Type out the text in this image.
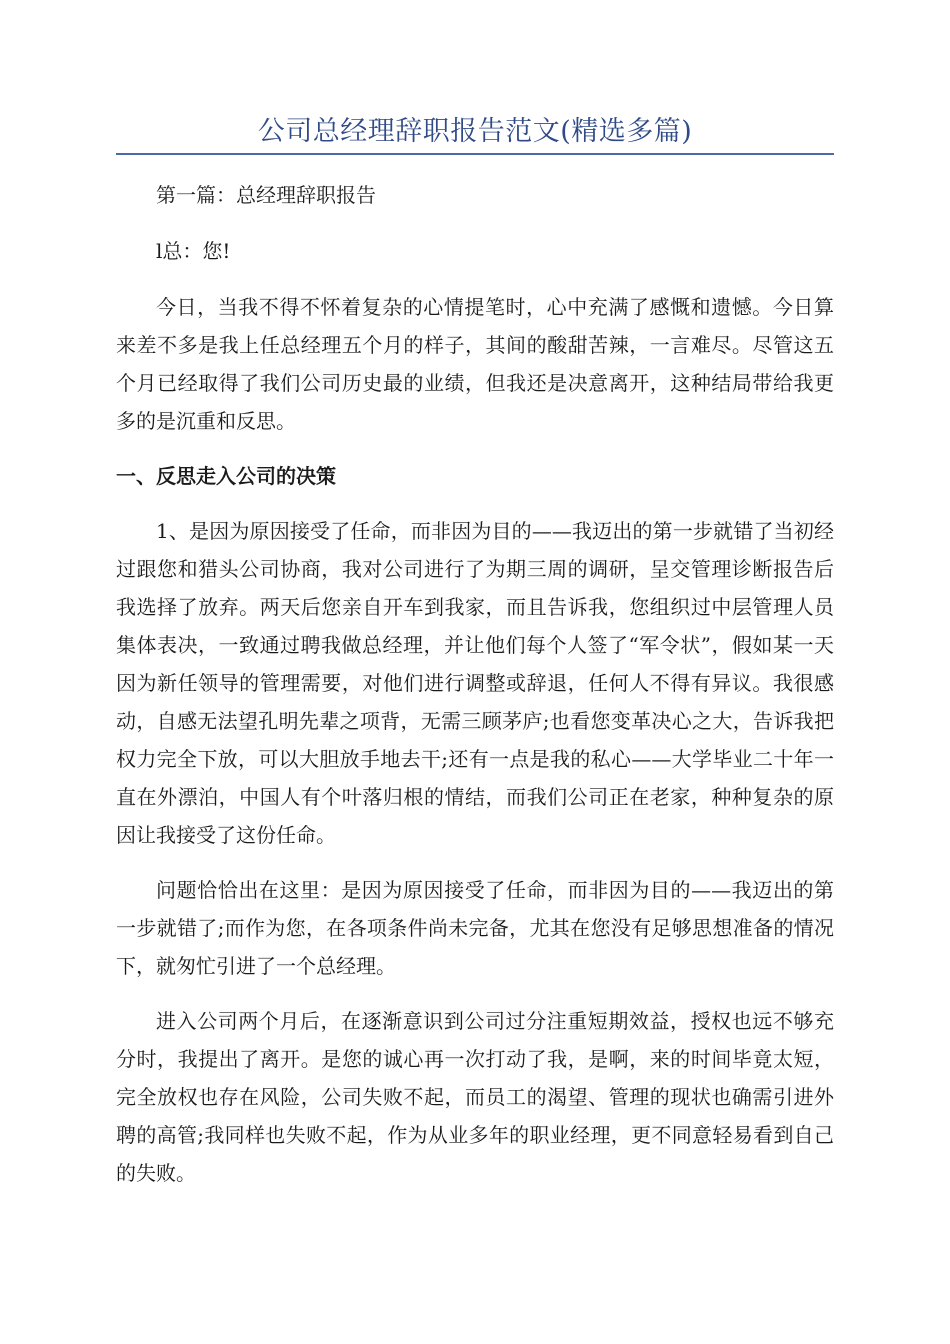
公司总经理辞职报告范文(精选多篇)

第一篇：总经理辞职报告

l总：您!

今日，当我不得不怀着复杂的心情提笔时，心中充满了感慨和遗憾。今日算来差不多是我上任总经理五个月的样子，其间的酸甜苦辣，一言难尽。尽管这五个月已经取得了我们公司历史最的业绩，但我还是决意离开，这种结局带给我更多的是沉重和反思。

一、反思走入公司的决策

1、是因为原因接受了任命，而非因为目的——我迈出的第一步就错了当初经过跟您和猎头公司协商，我对公司进行了为期三周的调研，呈交管理诊断报告后我选择了放弃。两天后您亲自开车到我家，而且告诉我，您组织过中层管理人员集体表决，一致通过聘我做总经理，并让他们每个人签了“军令状”，假如某一天因为新任领导的管理需要，对他们进行调整或辞退，任何人不得有异议。我很感动，自感无法望孔明先辈之项背，无需三顾茅庐;也看您变革决心之大，告诉我把权力完全下放，可以大胆放手地去干;还有一点是我的私心——大学毕业二十年一直在外漂泊，中国人有个叶落归根的情结，而我们公司正在老家，种种复杂的原因让我接受了这份任命。

问题恰恰出在这里：是因为原因接受了任命，而非因为目的——我迈出的第一步就错了;而作为您，在各项条件尚未完备，尤其在您没有足够思想准备的情况下，就匆忙引进了一个总经理。

进入公司两个月后，在逐渐意识到公司过分注重短期效益，授权也远不够充分时，我提出了离开。是您的诚心再一次打动了我，是啊，来的时间毕竟太短，完全放权也存在风险，公司失败不起，而员工的渴望、管理的现状也确需引进外聘的高管;我同样也失败不起，作为从业多年的职业经理，更不同意轻易看到自己的失败。
